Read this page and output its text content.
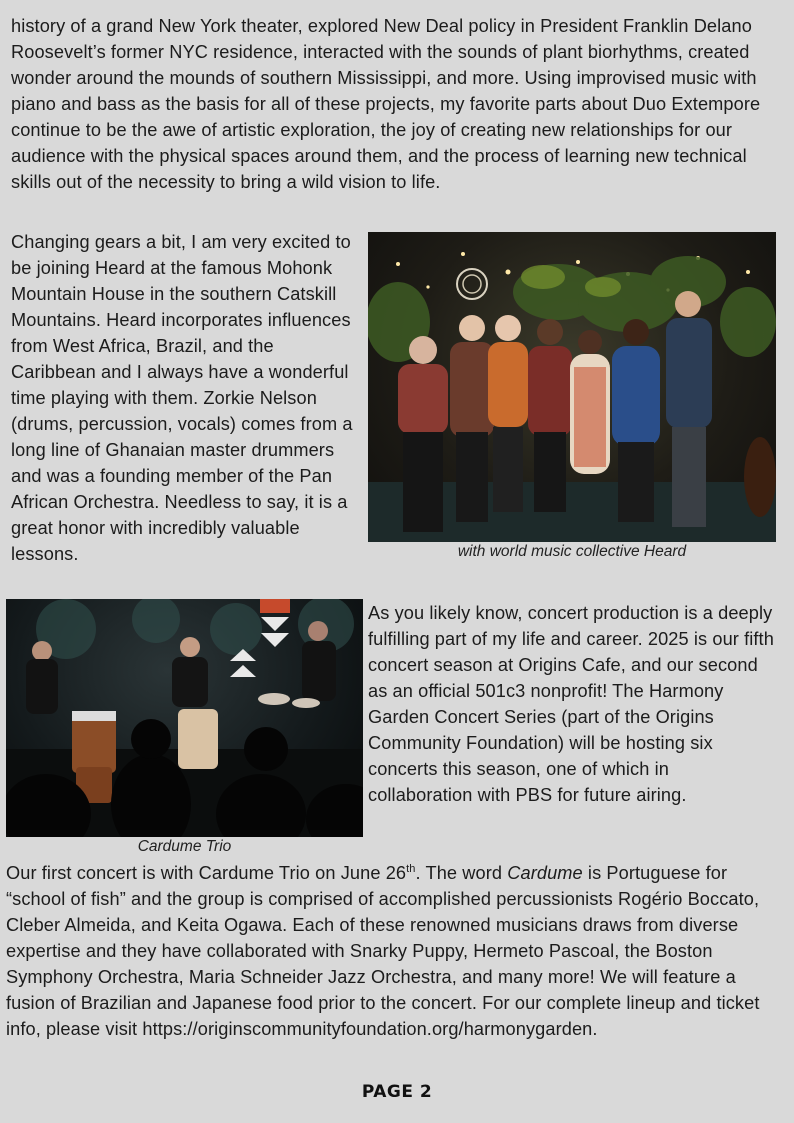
history of a grand New York theater, explored New Deal policy in President Franklin Delano Roosevelt’s former NYC residence, interacted with the sounds of plant biorhythms, created wonder around the mounds of southern Mississippi, and more. Using improvised music with piano and bass as the basis for all of these projects, my favorite parts about Duo Extempore continue to be the awe of artistic exploration, the joy of creating new relationships for our audience with the physical spaces around them, and the process of learning new technical skills out of the necessity to bring a wild vision to life.

Changing gears a bit, I am very excited to be joining Heard at the famous Mohonk Mountain House in the southern Catskill Mountains. Heard incorporates influences from West Africa, Brazil, and the Caribbean and I always have a wonderful time playing with them. Zorkie Nelson (drums, percussion, vocals) comes from a long line of Ghanaian master drummers and was a founding member of the Pan African Orchestra. Needless to say, it is a great honor with incredibly valuable lessons.	with world music collective Heard

Cardume Trio

As you likely know, concert production is a deeply fulfilling part of my life and career. 2025 is our fifth concert season at Origins Cafe, and our second as an official 501c3 nonprofit! The Harmony Garden Concert Series (part of the Origins Community Foundation) will be hosting six concerts this season, one of which in collaboration with PBS for future airing.

Our first concert is with Cardume Trio on June 26th. The word Cardume is Portuguese for “school of fish” and the group is comprised of accomplished percussionists Rogério Boccato, Cleber Almeida, and Keita Ogawa. Each of these renowned musicians draws from diverse expertise and they have collaborated with Snarky Puppy, Hermeto Pascoal, the Boston Symphony Orchestra, Maria Schneider Jazz Orchestra, and many more! We will feature a fusion of Brazilian and Japanese food prior to the concert. For our complete lineup and ticket info, please visit https://originscommunityfoundation.org/harmonygarden.

PAGE 2
